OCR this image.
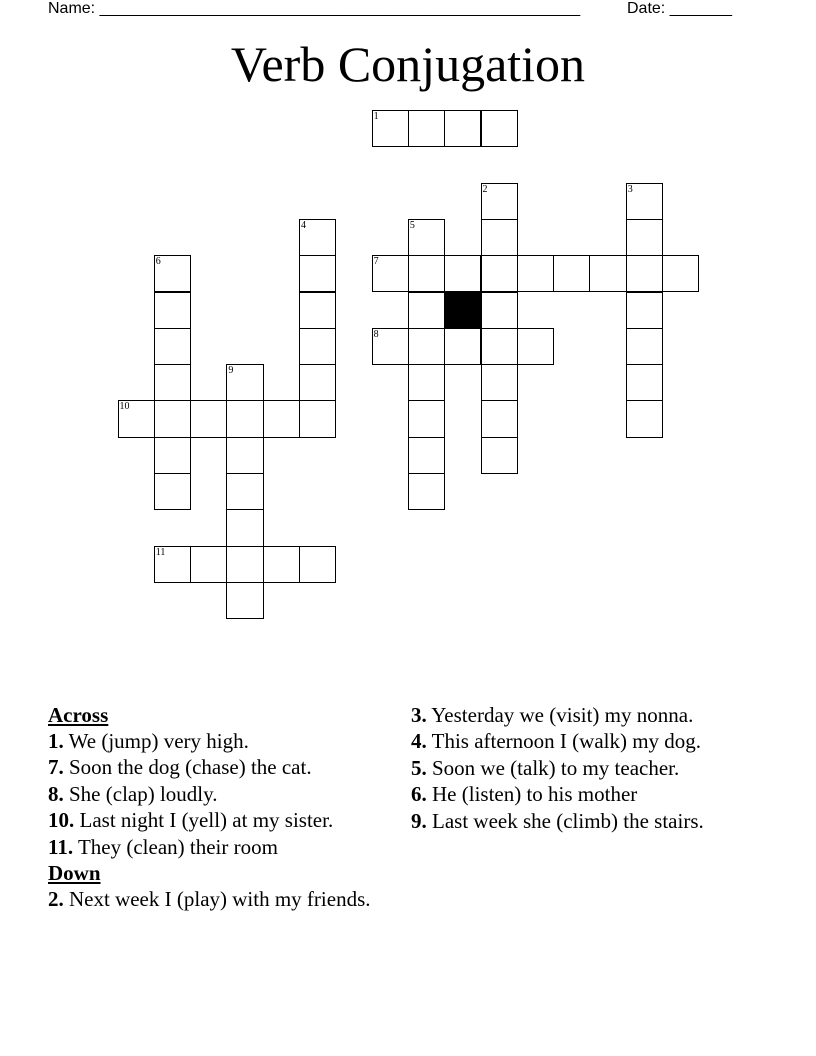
Name: ______________________________________________________	Date: _______
Verb Conjugation
1
2	3
4	5
6	7
8
9
10
11
Across
1. We (jump) very high.
7. Soon the dog (chase) the cat.
8. She (clap) loudly.
10. Last night I (yell) at my sister.
11. They (clean) their room
Down
2. Next week I (play) with my friends.
3. Yesterday we (visit) my nonna.
4. This afternoon I (walk) my dog.
5. Soon we (talk) to my teacher.
6. He (listen) to his mother
9. Last week she (climb) the stairs.
